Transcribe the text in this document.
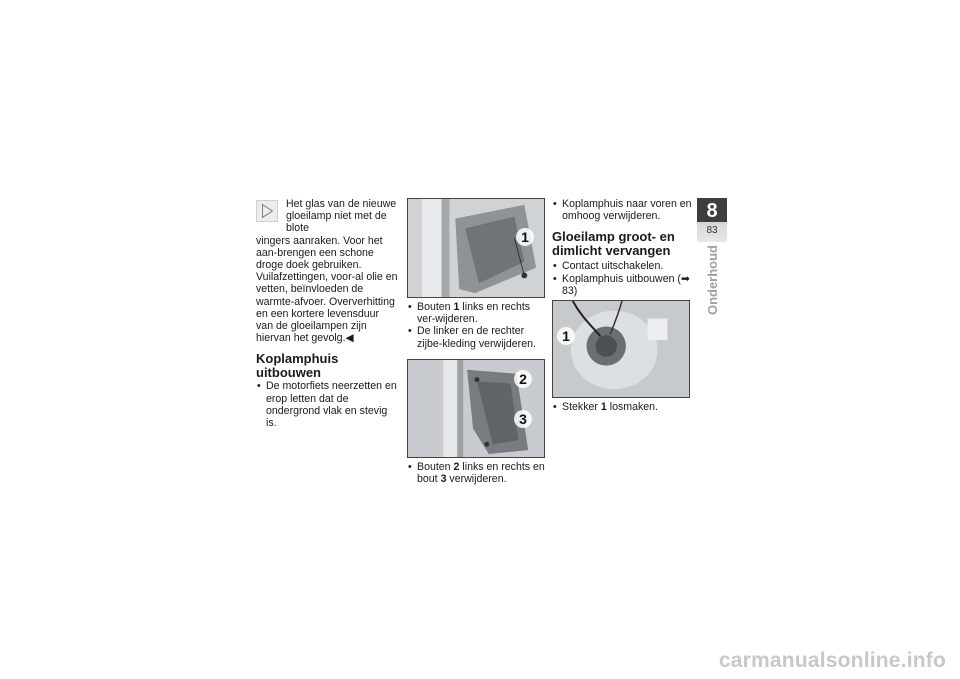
Het glas van de nieuwe

gloeilamp niet met de blote

vingers aanraken. Voor het aan-brengen een schone droge doek gebruiken. Vuilafzettingen, voor-al olie en vetten, beïnvloeden de warmte-afvoer. Oververhitting en een kortere levensduur van de gloeilampen zijn hiervan het gevolg.◀

Koplamphuis uitbouwen
• De motorfiets neerzetten en erop letten dat de ondergrond vlak en stevig is.
1
• Bouten 1 links en rechts ver-wijderen.
• De linker en de rechter zijbe-kleding verwijderen.
2
3
• Bouten 2 links en rechts en bout 3 verwijderen.
• Koplamphuis naar voren en omhoog verwijderen.
Gloeilamp groot- en dimlicht vervangen
• Contact uitschakelen.
• Koplamphuis uitbouwen (➡ 83)
1
• Stekker 1 losmaken.
8
83
Onderhoud
carmanualsonline.info
